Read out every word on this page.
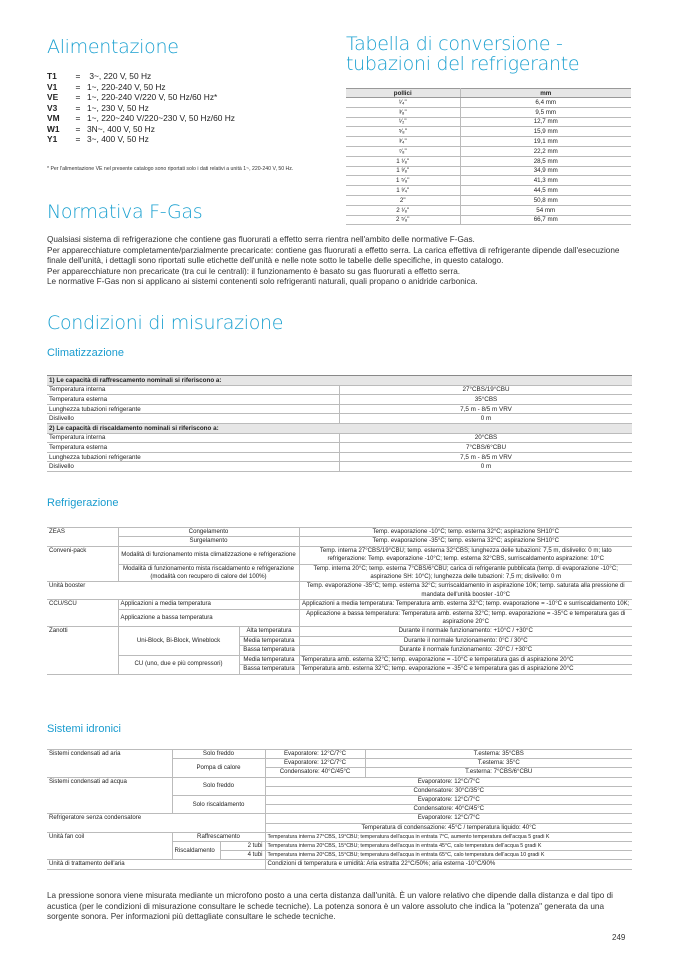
Alimentazione
T1	= 3~, 220 V, 50 Hz
V1	= 1~, 220-240 V, 50 Hz
VE	= 1~, 220-240 V/220 V, 50 Hz/60 Hz*
V3	= 1~, 230 V, 50 Hz
VM	= 1~, 220~240 V/220~230 V, 50 Hz/60 Hz
W1	= 3N~, 400 V, 50 Hz
Y1	= 3~, 400 V, 50 Hz
* Per l'alimentazione VE nel presente catalogo sono riportati solo i dati relativi a unità 1~, 220-240 V, 50 Hz.
Tabella di conversione - tubazioni del refrigerante
pollici	mm
¹⁄₄"	6,4 mm
³⁄₈"	9,5 mm
¹⁄₂"	12,7 mm
⁵⁄₈"	15,9 mm
³⁄₄"	19,1 mm
⁷⁄₈"	22,2 mm
1 ¹⁄₈"	28,5 mm
1 ³⁄₈"	34,9 mm
1 ⁵⁄₈"	41,3 mm
1 ³⁄₄"	44,5 mm
2"	50,8 mm
2 ¹⁄₈"	54 mm
2 ⁵⁄₈"	66,7 mm
Normativa F-Gas

Qualsiasi sistema di refrigerazione che contiene gas fluorurati a effetto serra rientra nell'ambito delle normative F-Gas.

Per apparecchiature completamente/parzialmente precaricate: contiene gas fluorurati a effetto serra. La carica effettiva di refrigerante dipende dall'esecuzione finale dell'unità, i dettagli sono riportati sulle etichette dell'unità e nelle note sotto le tabelle delle specifiche, in questo catalogo.

Per apparecchiature non precaricate (tra cui le centrali): il funzionamento è basato su gas fluorurati a effetto serra.

Le normative F-Gas non si applicano ai sistemi contenenti solo refrigeranti naturali, quali propano o anidride carbonica.

Condizioni di misurazione
Climatizzazione
1) Le capacità di raffrescamento nominali si riferiscono a:	
Temperatura interna	27°CBS/19°CBU
Temperatura esterna	35°CBS
Lunghezza tubazioni refrigerante	7,5 m - 8/5 m VRV
Dislivello	0 m
2) Le capacità di riscaldamento nominali si riferiscono a:	
Temperatura interna	20°CBS
Temperatura esterna	7°CBS/6°CBU
Lunghezza tubazioni refrigerante	7,5 m - 8/5 m VRV
Dislivello	0 m
Refrigerazione
ZEAS	Congelamento		Temp. evaporazione -10°C; temp. esterna 32°C; aspirazione SH10°C
	Surgelamento		Temp. evaporazione -35°C; temp. esterna 32°C; aspirazione SH10°C
Conveni-pack	Modalità di funzionamento mista climatizzazione e refrigerazione		Temp. interna 27°CBS/19°CBU; temp. esterna 32°CBS; lunghezza delle tubazioni: 7,5 m, dislivello: 0 m; lato refrigerazione: Temp. evaporazione -10°C; temp. esterna 32°CBS, surriscaldamento aspirazione: 10°C
	Modalità di funzionamento mista riscaldamento e refrigerazione (modalità con recupero di calore del 100%)		Temp. interna 20°C; temp. esterna 7°CBS/6°CBU; carica di refrigerante pubblicata (temp. di evaporazione -10°C; aspirazione SH: 10°C); lunghezza delle tubazioni: 7,5 m; dislivello: 0 m
Unità booster			Temp. evaporazione -35°C; temp. esterna 32°C; surriscaldamento in aspirazione 10K; temp. saturata alla pressione di mandata dell'unità booster -10°C
CCU/SCU	Applicazioni a media temperatura		Applicazioni a media temperatura: Temperatura amb. esterna 32°C; temp. evaporazione = -10°C e surriscaldamento 10K;
	Applicazione a bassa temperatura		Applicazione a bassa temperatura: Temperatura amb. esterna 32°C; temp. evaporazione = -35°C e temperatura gas di aspirazione 20°C
Zanotti	Uni-Block, Bi-Block, Wineblock	Alta temperatura	Durante il normale funzionamento: +10°C / +30°C
		Media temperatura	Durante il normale funzionamento: 0°C / 30°C
		Bassa temperatura	Durante il normale funzionamento: -20°C / +30°C
	CU (uno, due e più compressori)	Media temperatura	Temperatura amb. esterna 32°C; temp. evaporazione = -10°C e temperatura gas di aspirazione 20°C
		Bassa temperatura	Temperatura amb. esterna 32°C; temp. evaporazione = -35°C e temperatura gas di aspirazione 20°C
Sistemi idronici
Sistemi condensati ad aria	Solo freddo		Evaporatore: 12°C/7°C	T.esterna: 35°CBS
	Pompa di calore		Evaporatore: 12°C/7°C	T.esterna: 35°C
			Condensatore: 40°C/45°C	T.esterna: 7°CBS/6°CBU
Sistemi condensati ad acqua	Solo freddo		Evaporatore: 12°C/7°C	
			Condensatore: 30°C/35°C	
	Solo riscaldamento		Evaporatore: 12°C/7°C	
			Condensatore: 40°C/45°C	
Refrigeratore senza condensatore			Evaporatore: 12°C/7°C	
			Temperatura di condensazione: 45°C / temperatura liquido: 40°C	
Unità fan coil	Raffrescamento		Temperatura interna 27°CBS, 19°CBU; temperatura dell'acqua in entrata 7°C, aumento temperatura dell'acqua 5 gradi K	
	Riscaldamento	2 tubi	Temperatura interna 20°CBS, 15°CBU; temperatura dell'acqua in entrata 45°C, calo temperatura dell'acqua 5 gradi K	
		4 tubi	Temperatura interna 20°CBS, 15°CBU; temperatura dell'acqua in entrata 65°C, calo temperatura dell'acqua 10 gradi K	
Unità di trattamento dell'aria			Condizioni di temperatura e umidità: Aria estratta 22°C/50%; aria esterna -10°C/90%	
La pressione sonora viene misurata mediante un microfono posto a una certa distanza dall'unità. È un valore relativo che dipende dalla distanza e dal tipo di acustica (per le condizioni di misurazione consultare le schede tecniche). La potenza sonora è un valore assoluto che indica la "potenza" generata da una sorgente sonora. Per informazioni più dettagliate consultare le schede tecniche.
249
